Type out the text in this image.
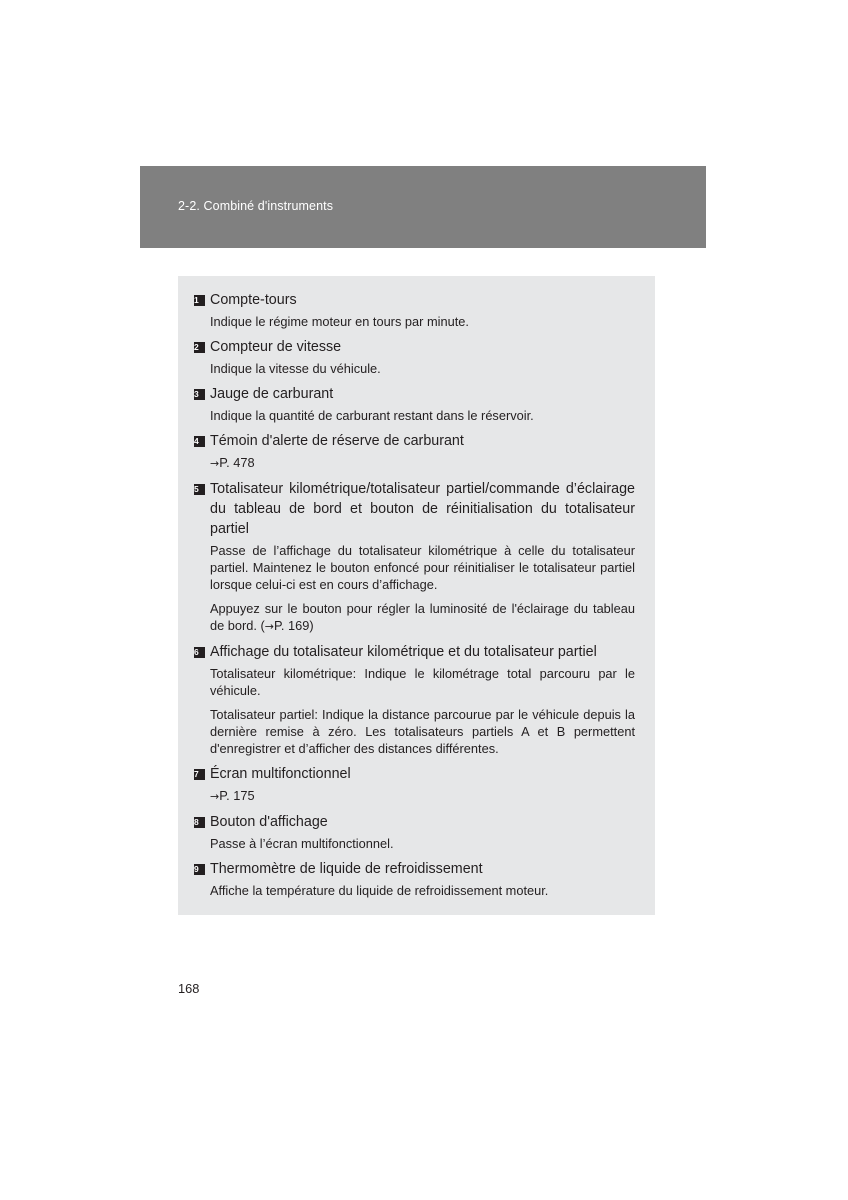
2-2. Combiné d'instruments
1 Compte-tours
Indique le régime moteur en tours par minute.
2 Compteur de vitesse
Indique la vitesse du véhicule.
3 Jauge de carburant
Indique la quantité de carburant restant dans le réservoir.
4 Témoin d'alerte de réserve de carburant
→P. 478
5 Totalisateur kilométrique/totalisateur partiel/commande d’éclairage du tableau de bord et bouton de réinitialisation du totalisateur partiel
Passe de l’affichage du totalisateur kilométrique à celle du totalisateur partiel. Maintenez le bouton enfoncé pour réinitialiser le totalisateur partiel lorsque celui-ci est en cours d’affichage.
Appuyez sur le bouton pour régler la luminosité de l'éclairage du tableau de bord. (→P. 169)
6 Affichage du totalisateur kilométrique et du totalisateur partiel
Totalisateur kilométrique: Indique le kilométrage total parcouru par le véhicule.
Totalisateur partiel: Indique la distance parcourue par le véhicule depuis la dernière remise à zéro. Les totalisateurs partiels A et B permettent d'enregistrer et d’afficher des distances différentes.
7 Écran multifonctionnel
→P. 175
8 Bouton d'affichage
Passe à l’écran multifonctionnel.
9 Thermomètre de liquide de refroidissement
Affiche la température du liquide de refroidissement moteur.
168
